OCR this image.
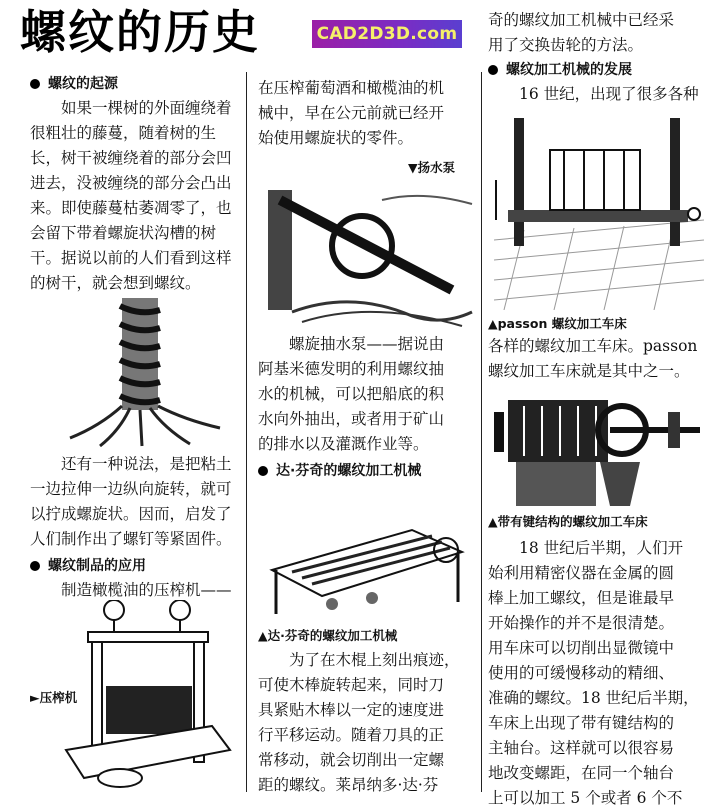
螺纹的历史	CAD2D3D.com
螺纹的起源

如果一棵树的外面缠绕着
很粗壮的藤蔓，随着树的生
长，树干被缠绕着的部分会凹
进去，没被缠绕的部分会凸出
来。即使藤蔓枯萎凋零了，也
会留下带着螺旋状沟槽的树
干。据说以前的人们看到这样
的树干，就会想到螺纹。

还有一种说法，是把粘土
一边拉伸一边纵向旋转，就可
以拧成螺旋状。因而，启发了
人们制作出了螺钉等紧固件。

螺纹制品的应用

制造橄榄油的压榨机——

►压榨机

在压榨葡萄酒和橄榄油的机
械中，早在公元前就已经开
始使用螺旋状的零件。

▼扬水泵

螺旋抽水泵——据说由
阿基米德发明的利用螺纹抽
水的机械，可以把船底的积
水向外抽出，或者用于矿山
的排水以及灌溉作业等。

达·芬奇的螺纹加工机械
▲达·芬奇的螺纹加工机械

为了在木棍上刻出痕迹，
可使木棒旋转起来，同时刀
具紧贴木棒以一定的速度进
行平移运动。随着刀具的正
常移动，就会切削出一定螺
距的螺纹。莱昂纳多·达·芬

奇的螺纹加工机械中已经采
用了交换齿轮的方法。

螺纹加工机械的发展

16 世纪，出现了很多各种

▲passon 螺纹加工车床

各样的螺纹加工车床。passon
螺纹加工车床就是其中之一。

▲带有键结构的螺纹加工车床

18 世纪后半期，人们开
始利用精密仪器在金属的圆
棒上加工螺纹，但是谁最早
开始操作的并不是很清楚。
用车床可以切削出显微镜中
使用的可缓慢移动的精细、
准确的螺纹。18 世纪后半期，
车床上出现了带有键结构的
主轴台。这样就可以很容易
地改变螺距，在同一个轴台
上可以加工 5 个或者 6 个不
